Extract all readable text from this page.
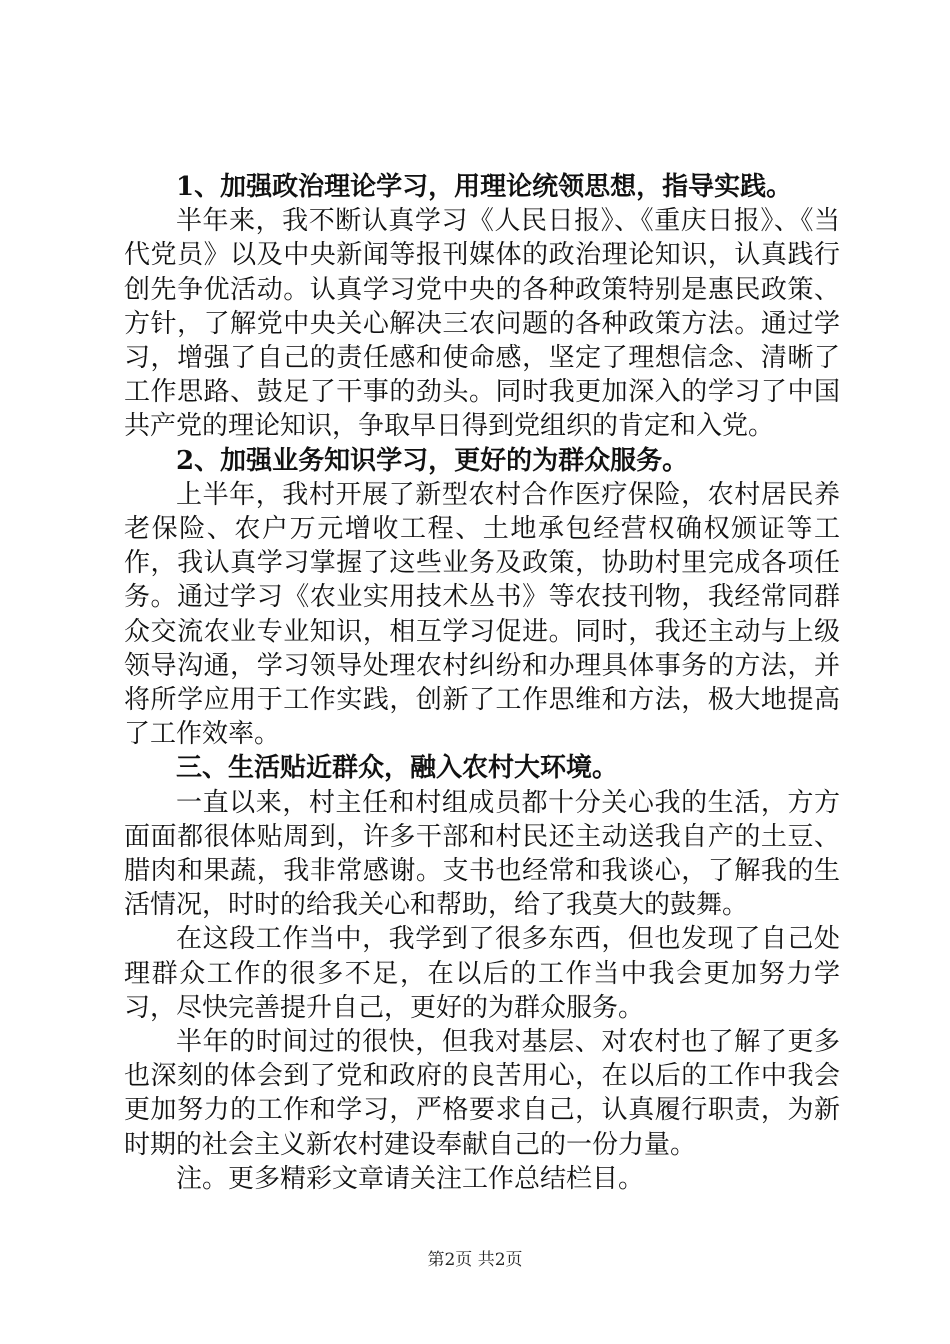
1、加强政治理论学习，用理论统领思想，指导实践。

半年来，我不断认真学习《人民日报》、《重庆日报》、《当代党员》以及中央新闻等报刊媒体的政治理论知识，认真践行创先争优活动。认真学习党中央的各种政策特别是惠民政策、方针，了解党中央关心解决三农问题的各种政策方法。通过学习，增强了自己的责任感和使命感，坚定了理想信念、清晰了工作思路、鼓足了干事的劲头。同时我更加深入的学习了中国共产党的理论知识，争取早日得到党组织的肯定和入党。

2、加强业务知识学习，更好的为群众服务。

上半年，我村开展了新型农村合作医疗保险，农村居民养老保险、农户万元增收工程、土地承包经营权确权颁证等工作，我认真学习掌握了这些业务及政策，协助村里完成各项任务。通过学习《农业实用技术丛书》等农技刊物，我经常同群众交流农业专业知识，相互学习促进。同时，我还主动与上级领导沟通，学习领导处理农村纠纷和办理具体事务的方法，并将所学应用于工作实践，创新了工作思维和方法，极大地提高了工作效率。

三、生活贴近群众，融入农村大环境。

一直以来，村主任和村组成员都十分关心我的生活，方方面面都很体贴周到，许多干部和村民还主动送我自产的土豆、腊肉和果蔬，我非常感谢。支书也经常和我谈心，了解我的生活情况，时时的给我关心和帮助，给了我莫大的鼓舞。

在这段工作当中，我学到了很多东西，但也发现了自己处理群众工作的很多不足，在以后的工作当中我会更加努力学习，尽快完善提升自己，更好的为群众服务。

半年的时间过的很快，但我对基层、对农村也了解了更多也深刻的体会到了党和政府的良苦用心，在以后的工作中我会更加努力的工作和学习，严格要求自己，认真履行职责，为新时期的社会主义新农村建设奉献自己的一份力量。

注。更多精彩文章请关注工作总结栏目。

第2页 共2页
